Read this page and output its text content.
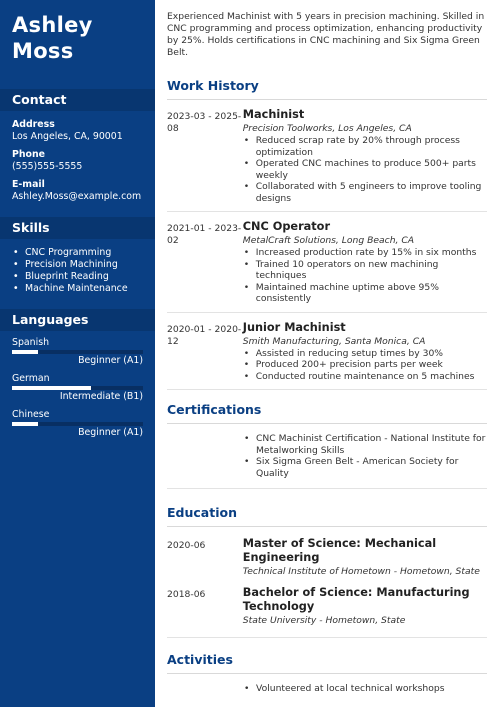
Ashley
Moss
Contact
Address
Los Angeles, CA, 90001
Phone
(555)555-5555
E-mail
Ashley.Moss@example.com
Skills
• CNC Programming
• Precision Machining
• Blueprint Reading
• Machine Maintenance
Languages
Spanish
Beginner (A1)
German
Intermediate (B1)
Chinese
Beginner (A1)
Experienced Machinist with 5 years in precision machining. Skilled in CNC programming and process optimization, enhancing productivity by 25%. Holds certifications in CNC machining and Six Sigma Green Belt.
Work History
2023-03 - 2025-08
Machinist
Precision Toolworks, Los Angeles, CA
• Reduced scrap rate by 20% through process optimization
• Operated CNC machines to produce 500+ parts weekly
• Collaborated with 5 engineers to improve tooling designs
2021-01 - 2023-02
CNC Operator
MetalCraft Solutions, Long Beach, CA
• Increased production rate by 15% in six months
• Trained 10 operators on new machining techniques
• Maintained machine uptime above 95% consistently
2020-01 - 2020-12
Junior Machinist
Smith Manufacturing, Santa Monica, CA
• Assisted in reducing setup times by 30%
• Produced 200+ precision parts per week
• Conducted routine maintenance on 5 machines
Certifications
• CNC Machinist Certification - National Institute for Metalworking Skills
• Six Sigma Green Belt - American Society for Quality
Education
2020-06	Master of Science: Mechanical Engineering
Technical Institute of Hometown - Hometown, State
2018-06	Bachelor of Science: Manufacturing Technology
State University - Hometown, State
Activities
• Volunteered at local technical workshops
